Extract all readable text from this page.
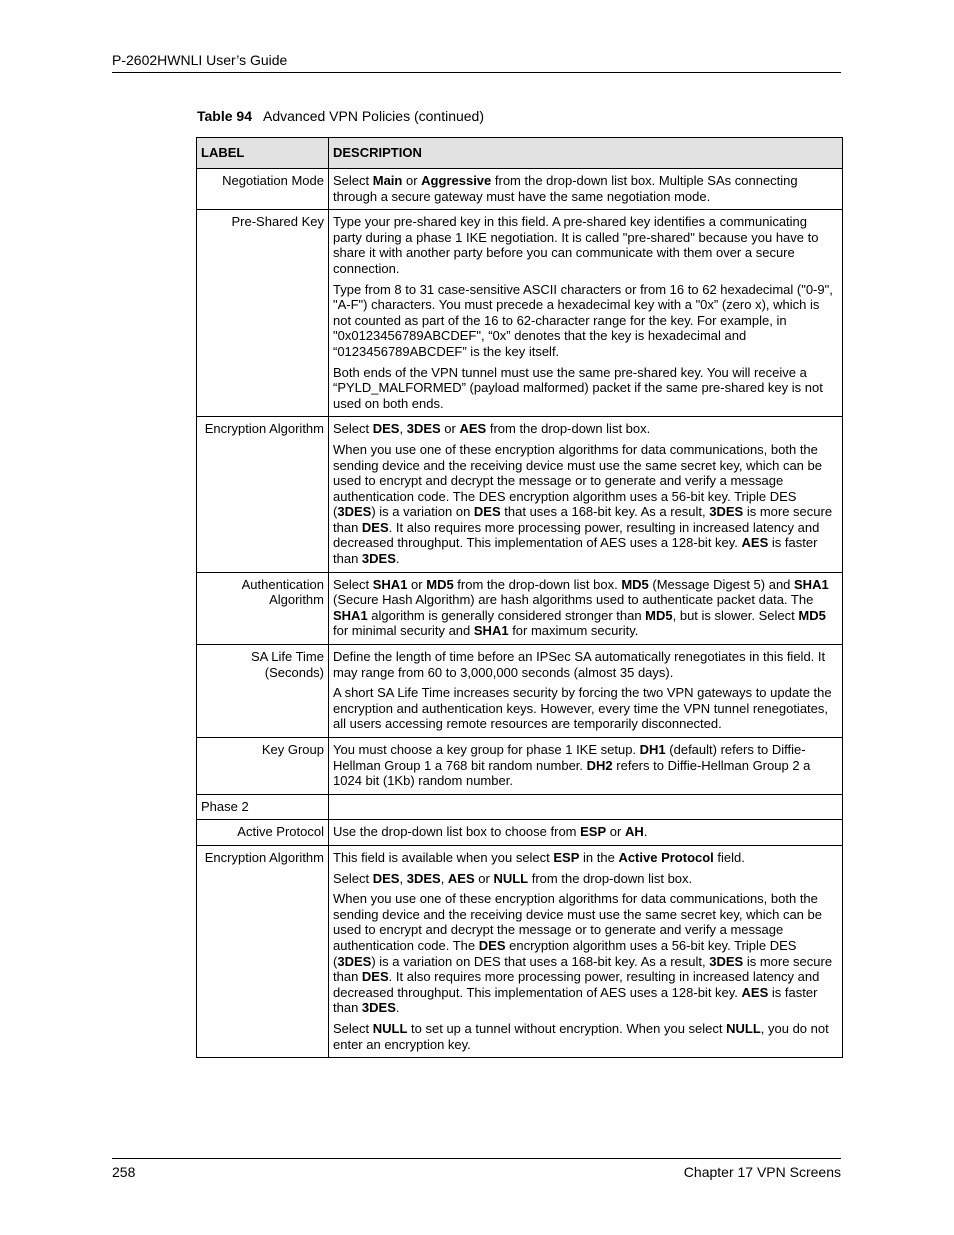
P-2602HWNLI User’s Guide
Table 94 Advanced VPN Policies (continued)
LABEL	DESCRIPTION
Negotiation Mode	Select Main or Aggressive from the drop-down list box. Multiple SAs connecting through a secure gateway must have the same negotiation mode.

Pre-Shared Key	Type your pre-shared key in this field. A pre-shared key identifies a communicating party during a phase 1 IKE negotiation. It is called "pre-shared" because you have to share it with another party before you can communicate with them over a secure connection.

Type from 8 to 31 case-sensitive ASCII characters or from 16 to 62 hexadecimal ("0-9", "A-F") characters. You must precede a hexadecimal key with a "0x” (zero x), which is not counted as part of the 16 to 62-character range for the key. For example, in "0x0123456789ABCDEF", “0x” denotes that the key is hexadecimal and “0123456789ABCDEF” is the key itself.

Both ends of the VPN tunnel must use the same pre-shared key. You will receive a “PYLD_MALFORMED” (payload malformed) packet if the same pre-shared key is not used on both ends.

Encryption Algorithm	Select DES, 3DES or AES from the drop-down list box.

When you use one of these encryption algorithms for data communications, both the sending device and the receiving device must use the same secret key, which can be used to encrypt and decrypt the message or to generate and verify a message authentication code. The DES encryption algorithm uses a 56-bit key. Triple DES (3DES) is a variation on DES that uses a 168-bit key. As a result, 3DES is more secure than DES. It also requires more processing power, resulting in increased latency and decreased throughput. This implementation of AES uses a 128-bit key. AES is faster than 3DES.

Authentication Algorithm	Select SHA1 or MD5 from the drop-down list box. MD5 (Message Digest 5) and SHA1 (Secure Hash Algorithm) are hash algorithms used to authenticate packet data. The SHA1 algorithm is generally considered stronger than MD5, but is slower. Select MD5 for minimal security and SHA1 for maximum security.

SA Life Time (Seconds)	Define the length of time before an IPSec SA automatically renegotiates in this field. It may range from 60 to 3,000,000 seconds (almost 35 days).

A short SA Life Time increases security by forcing the two VPN gateways to update the encryption and authentication keys. However, every time the VPN tunnel renegotiates, all users accessing remote resources are temporarily disconnected.

Key Group	You must choose a key group for phase 1 IKE setup. DH1 (default) refers to Diffie-Hellman Group 1 a 768 bit random number. DH2 refers to Diffie-Hellman Group 2 a 1024 bit (1Kb) random number.

Phase 2	
Active Protocol	Use the drop-down list box to choose from ESP or AH.

Encryption Algorithm	This field is available when you select ESP in the Active Protocol field.

Select DES, 3DES, AES or NULL from the drop-down list box.

When you use one of these encryption algorithms for data communications, both the sending device and the receiving device must use the same secret key, which can be used to encrypt and decrypt the message or to generate and verify a message authentication code. The DES encryption algorithm uses a 56-bit key. Triple DES (3DES) is a variation on DES that uses a 168-bit key. As a result, 3DES is more secure than DES. It also requires more processing power, resulting in increased latency and decreased throughput. This implementation of AES uses a 128-bit key. AES is faster than 3DES.

Select NULL to set up a tunnel without encryption. When you select NULL, you do not enter an encryption key.

258	Chapter 17 VPN Screens
